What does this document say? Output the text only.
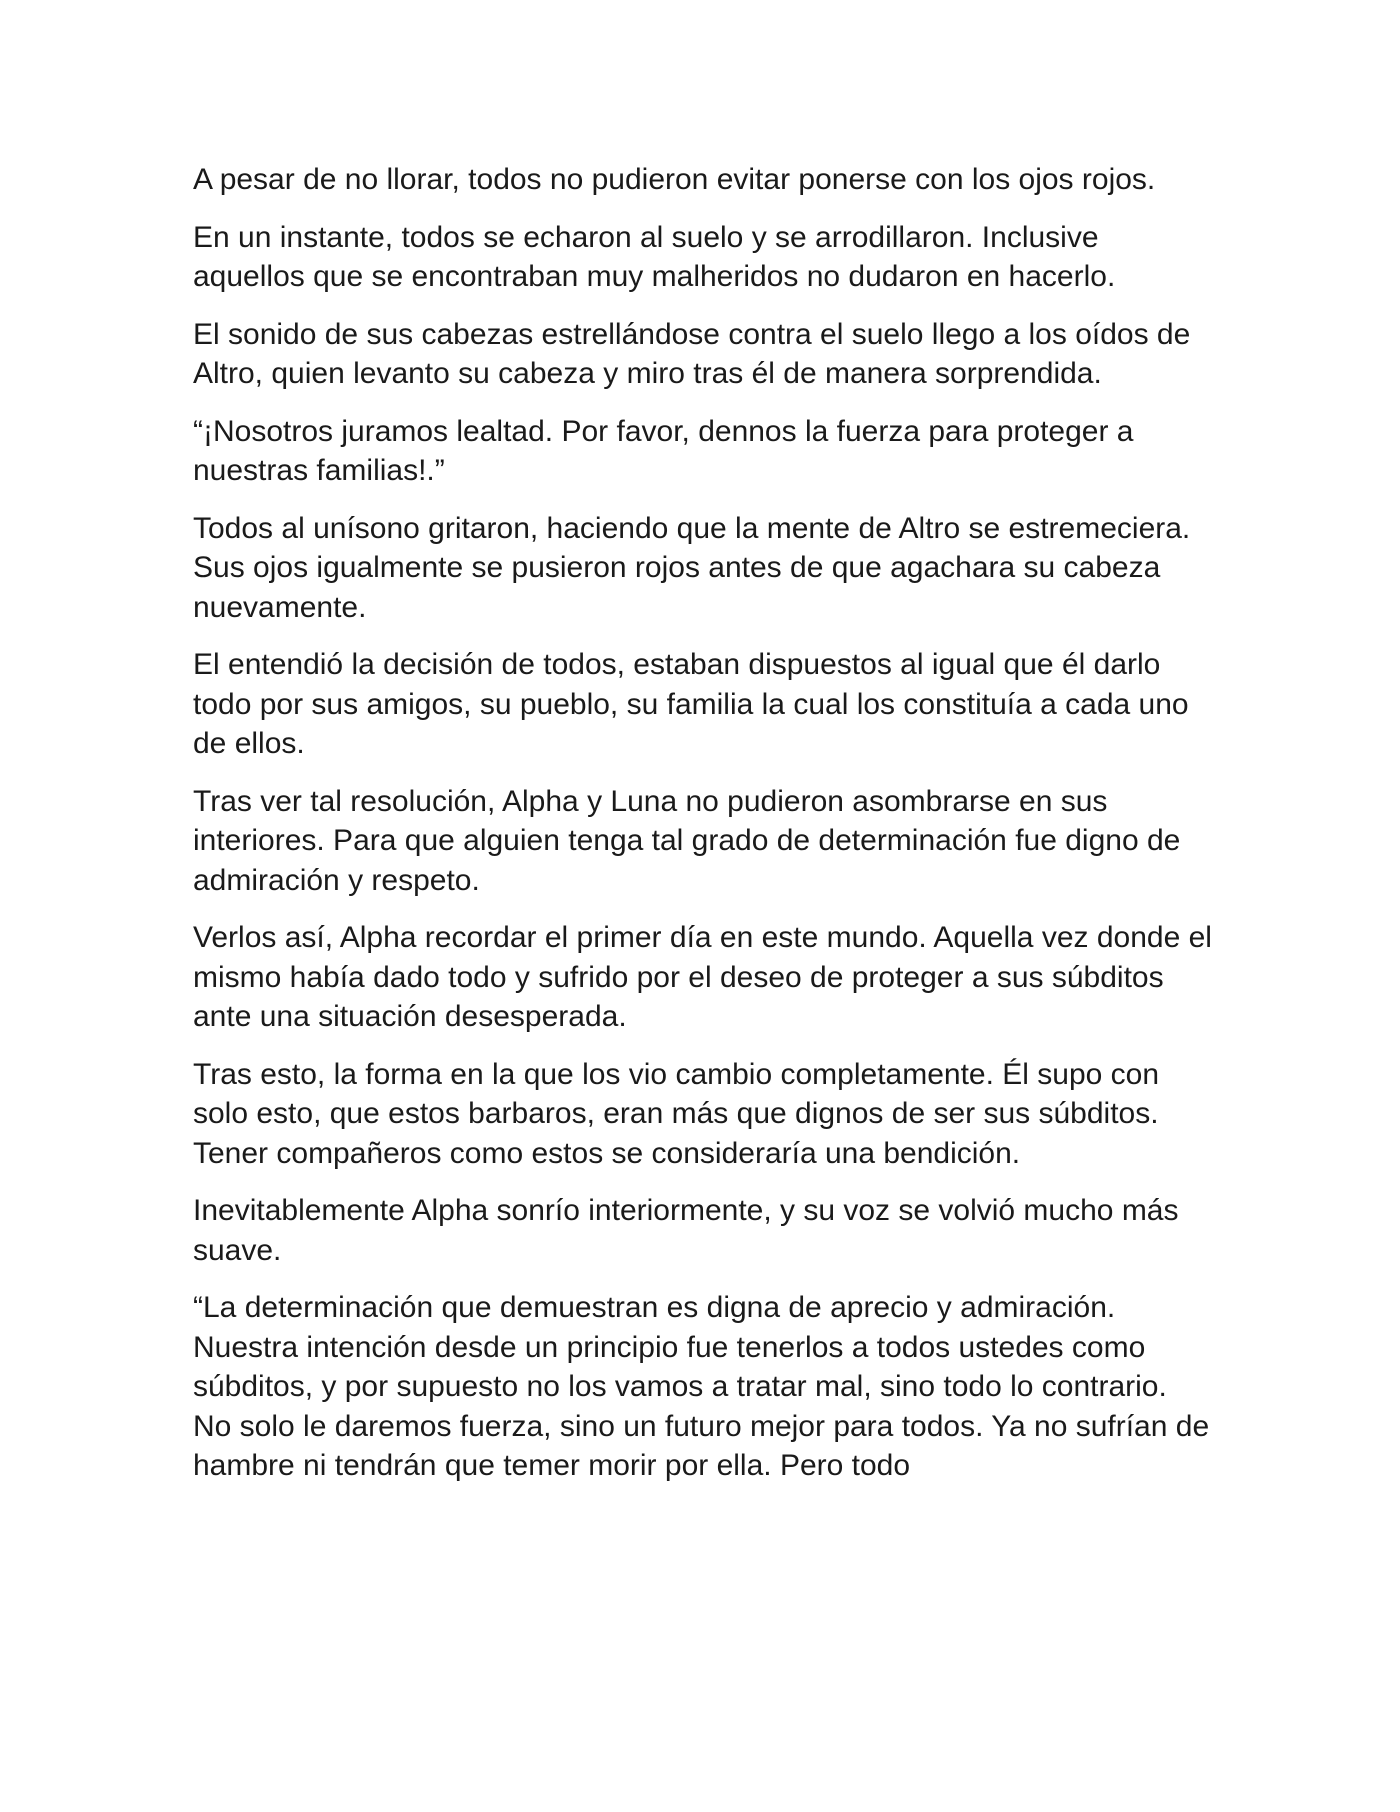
A pesar de no llorar, todos no pudieron evitar ponerse con los ojos rojos.

En un instante, todos se echaron al suelo y se arrodillaron. Inclusive aquellos que se encontraban muy malheridos no dudaron en hacerlo.

El sonido de sus cabezas estrellándose contra el suelo llego a los oídos de Altro, quien levanto su cabeza y miro tras él de manera sorprendida.

“¡Nosotros juramos lealtad. Por favor, dennos la fuerza para proteger a nuestras familias!.”

Todos al unísono gritaron, haciendo que la mente de Altro se estremeciera. Sus ojos igualmente se pusieron rojos antes de que agachara su cabeza nuevamente.

El entendió la decisión de todos, estaban dispuestos al igual que él darlo todo por sus amigos, su pueblo, su familia la cual los constituía a cada uno de ellos.

Tras ver tal resolución, Alpha y Luna no pudieron asombrarse en sus interiores. Para que alguien tenga tal grado de determinación fue digno de admiración y respeto.

Verlos así, Alpha recordar el primer día en este mundo. Aquella vez donde el mismo había dado todo y sufrido por el deseo de proteger a sus súbditos ante una situación desesperada.

Tras esto, la forma en la que los vio cambio completamente. Él supo con solo esto, que estos barbaros, eran más que dignos de ser sus súbditos. Tener compañeros como estos se consideraría una bendición.

Inevitablemente Alpha sonrío interiormente, y su voz se volvió mucho más suave.

“La determinación que demuestran es digna de aprecio y admiración. Nuestra intención desde un principio fue tenerlos a todos ustedes como súbditos, y por supuesto no los vamos a tratar mal, sino todo lo contrario. No solo le daremos fuerza, sino un futuro mejor para todos. Ya no sufrían de hambre ni tendrán que temer morir por ella. Pero todo
